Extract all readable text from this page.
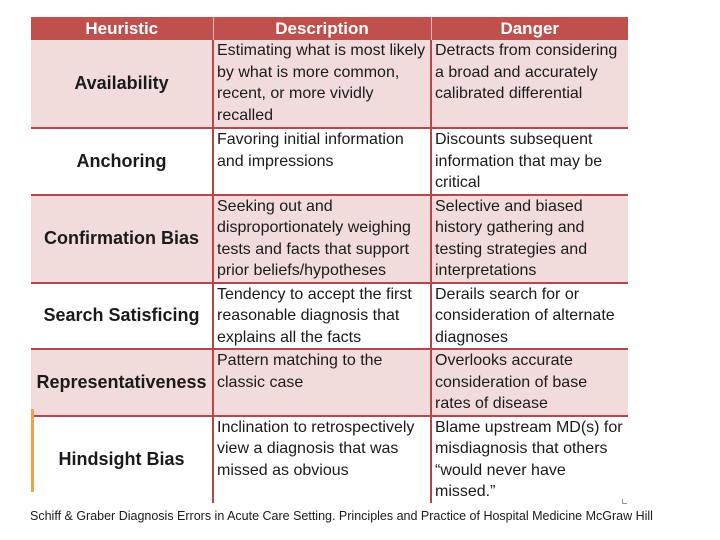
Heuristic	Description	Danger
Availability	Estimating what is most likely by what is more common, recent, or more vividly recalled	Detracts from considering a broad and accurately calibrated differential
Anchoring	Favoring initial information and impressions	Discounts subsequent information that may be critical
Confirmation Bias	Seeking out and disproportionately weighing tests and facts that support prior beliefs/hypotheses	Selective and biased history gathering and testing strategies and interpretations
Search Satisficing	Tendency to accept the first reasonable diagnosis that explains all the facts	Derails search for or consideration of alternate diagnoses
Representativeness	Pattern matching to the classic case	Overlooks accurate consideration of base rates of disease
Hindsight Bias	Inclination to retrospectively view a diagnosis that was missed as obvious	Blame upstream MD(s) for misdiagnosis that others “would never have missed.”
Schiff & Graber Diagnosis Errors in Acute Care Setting. Principles and Practice of Hospital Medicine McGraw Hill
